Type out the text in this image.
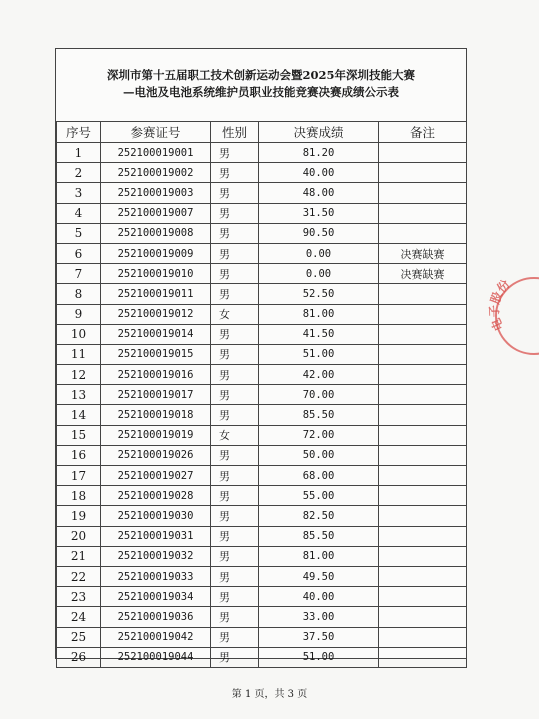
深圳市第十五届职工技术创新运动会暨2025年深圳技能大赛
—电池及电池系统维护员职业技能竞赛决赛成绩公示表
序号	参赛证号	性别	决赛成绩	备注
1	252100019001	男	81.20	
2	252100019002	男	40.00	
3	252100019003	男	48.00	
4	252100019007	男	31.50	
5	252100019008	男	90.50	
6	252100019009	男	0.00	决赛缺赛
7	252100019010	男	0.00	决赛缺赛
8	252100019011	男	52.50	
9	252100019012	女	81.00	
10	252100019014	男	41.50	
11	252100019015	男	51.00	
12	252100019016	男	42.00	
13	252100019017	男	70.00	
14	252100019018	男	85.50	
15	252100019019	女	72.00	
16	252100019026	男	50.00	
17	252100019027	男	68.00	
18	252100019028	男	55.00	
19	252100019030	男	82.50	
20	252100019031	男	85.50	
21	252100019032	男	81.00	
22	252100019033	男	49.50	
23	252100019034	男	40.00	
24	252100019036	男	33.00	
25	252100019042	男	37.50	
26	252100019044	男	51.00	
第 1 页，共 3 页
电子股份
